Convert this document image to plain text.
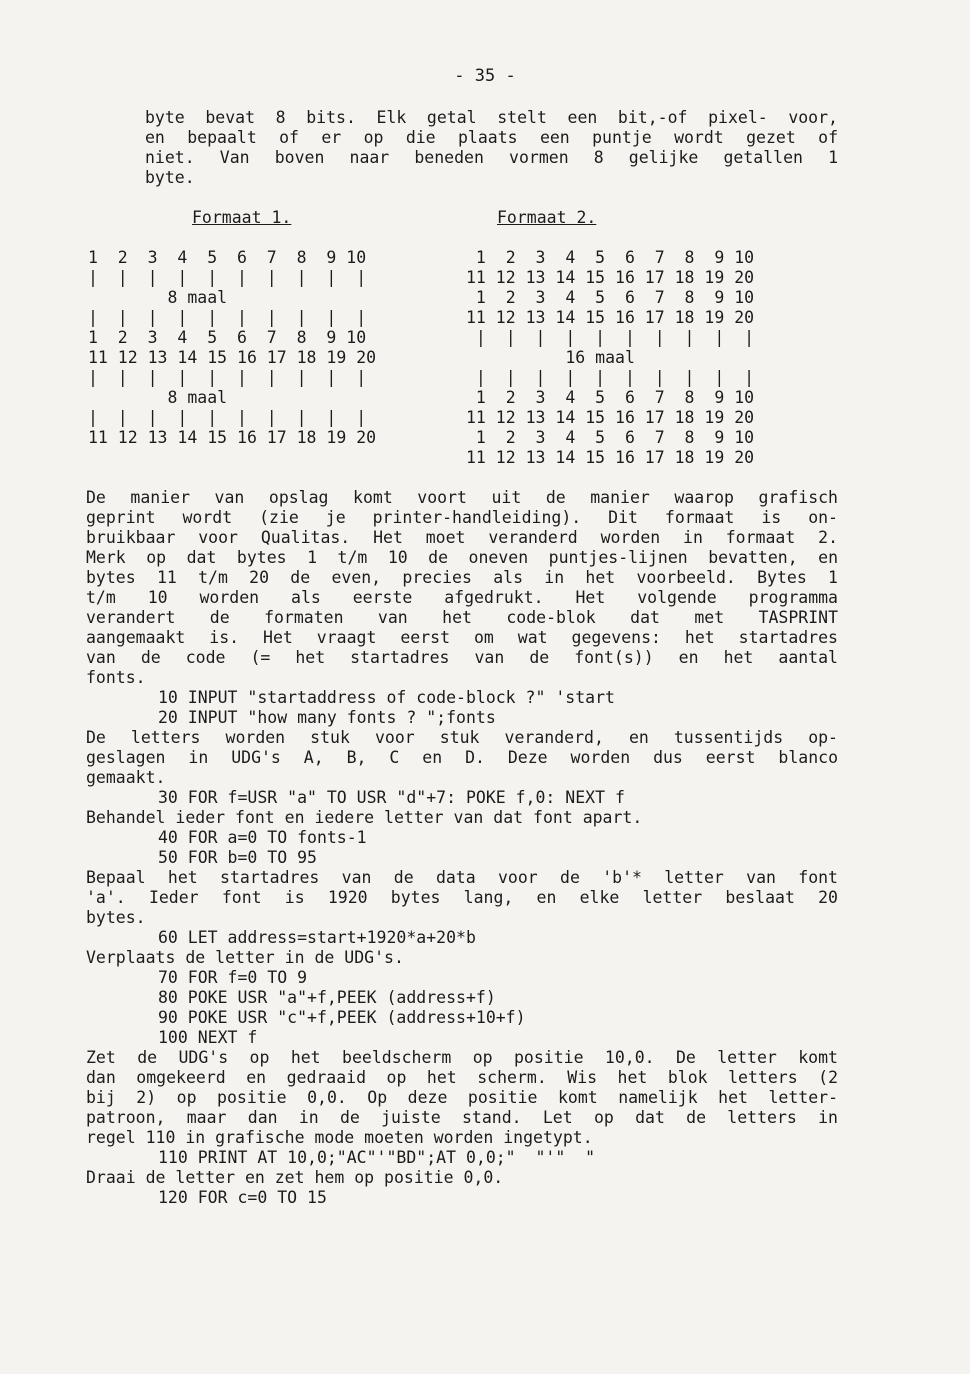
- 35 -
byte bevat 8 bits. Elk getal stelt een bit,-of pixel- voor,
en bepaalt of er op die plaats een puntje wordt gezet of
niet. Van boven naar beneden vormen 8 gelijke getallen 1
byte.
Formaat 1.	Formaat 2.
1  2  3  4  5  6  7  8  9 10
|  |  |  |  |  |  |  |  |  |
8 maal
|  |  |  |  |  |  |  |  |  |
1  2  3  4  5  6  7  8  9 10
11 12 13 14 15 16 17 18 19 20
|  |  |  |  |  |  |  |  |  |
8 maal
|  |  |  |  |  |  |  |  |  |
11 12 13 14 15 16 17 18 19 20
1  2  3  4  5  6  7  8  9 10
11 12 13 14 15 16 17 18 19 20
1  2  3  4  5  6  7  8  9 10
11 12 13 14 15 16 17 18 19 20
|  |  |  |  |  |  |  |  |  |
16 maal
|  |  |  |  |  |  |  |  |  |
1  2  3  4  5  6  7  8  9 10
11 12 13 14 15 16 17 18 19 20
1  2  3  4  5  6  7  8  9 10
11 12 13 14 15 16 17 18 19 20
De manier van opslag komt voort uit de manier waarop grafisch
geprint wordt (zie je printer-handleiding). Dit formaat is on-
bruikbaar voor Qualitas. Het moet veranderd worden in formaat 2.
Merk op dat bytes 1 t/m 10 de oneven puntjes-lijnen bevatten, en
bytes 11 t/m 20 de even, precies als in het voorbeeld. Bytes 1
t/m 10 worden als eerste afgedrukt. Het volgende programma
verandert de formaten van het code-blok dat met TASPRINT
aangemaakt is. Het vraagt eerst om wat gegevens: het startadres
van de code (= het startadres van de font(s)) en het aantal
fonts.
10 INPUT "startaddress of code-block ?" 'start
20 INPUT "how many fonts ? ";fonts
De letters worden stuk voor stuk veranderd, en tussentijds op-
geslagen in UDG's A, B, C en D. Deze worden dus eerst blanco
gemaakt.
30 FOR f=USR "a" TO USR "d"+7: POKE f,0: NEXT f
Behandel ieder font en iedere letter van dat font apart.
40 FOR a=0 TO fonts-1
50 FOR b=0 TO 95
Bepaal het startadres van de data voor de 'b'* letter van font
'a'. Ieder font is 1920 bytes lang, en elke letter beslaat 20
bytes.
60 LET address=start+1920*a+20*b
Verplaats de letter in de UDG's.
70 FOR f=0 TO 9
80 POKE USR "a"+f,PEEK (address+f)
90 POKE USR "c"+f,PEEK (address+10+f)
100 NEXT f
Zet de UDG's op het beeldscherm op positie 10,0. De letter komt
dan omgekeerd en gedraaid op het scherm. Wis het blok letters (2
bij 2) op positie 0,0. Op deze positie komt namelijk het letter-
patroon, maar dan in de juiste stand. Let op dat de letters in
regel 110 in grafische mode moeten worden ingetypt.
110 PRINT AT 10,0;"AC"'"BD";AT 0,0;"  "'"  "
Draai de letter en zet hem op positie 0,0.
120 FOR c=0 TO 15
